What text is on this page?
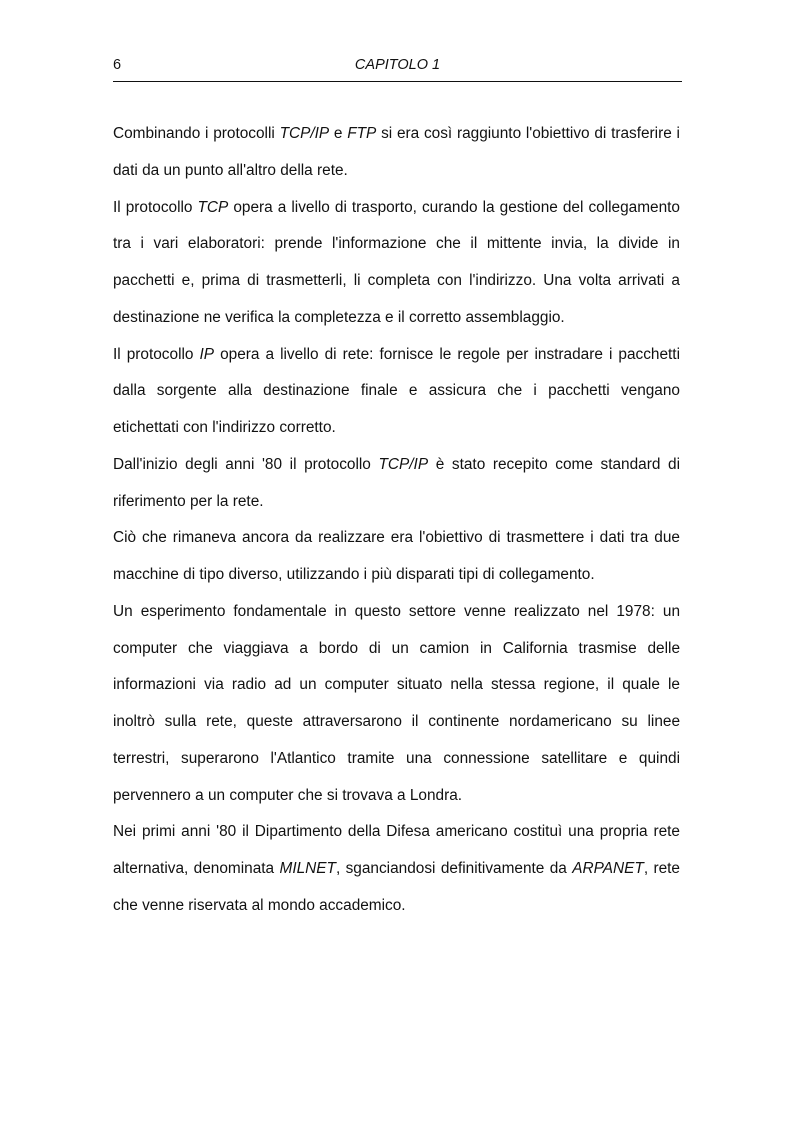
6	CAPITOLO 1

Combinando i protocolli TCP/IP e FTP si era così raggiunto l'obiettivo di trasferire i dati da un punto all'altro della rete.

Il protocollo TCP opera a livello di trasporto, curando la gestione del collegamento tra i vari elaboratori: prende l'informazione che il mittente invia, la divide in pacchetti e, prima di trasmetterli, li completa con l'indirizzo. Una volta arrivati a destinazione ne verifica la completezza e il corretto assemblaggio.

Il protocollo IP opera a livello di rete: fornisce le regole per instradare i pacchetti dalla sorgente alla destinazione finale e assicura che i pacchetti vengano etichettati con l'indirizzo corretto.

Dall'inizio degli anni '80 il protocollo TCP/IP è stato recepito come standard di riferimento per la rete.

Ciò che rimaneva ancora da realizzare era l'obiettivo di trasmettere i dati tra due macchine di tipo diverso, utilizzando i più disparati tipi di collegamento.

Un esperimento fondamentale in questo settore venne realizzato nel 1978: un computer che viaggiava a bordo di un camion in California trasmise delle informazioni via radio ad un computer situato nella stessa regione, il quale le inoltrò sulla rete, queste attraversarono il continente nordamericano su linee terrestri, superarono l'Atlantico tramite una connessione satellitare e quindi pervennero a un computer che si trovava a Londra.

Nei primi anni '80 il Dipartimento della Difesa americano costituì una propria rete alternativa, denominata MILNET, sganciandosi definitivamente da ARPANET, rete che venne riservata al mondo accademico.
